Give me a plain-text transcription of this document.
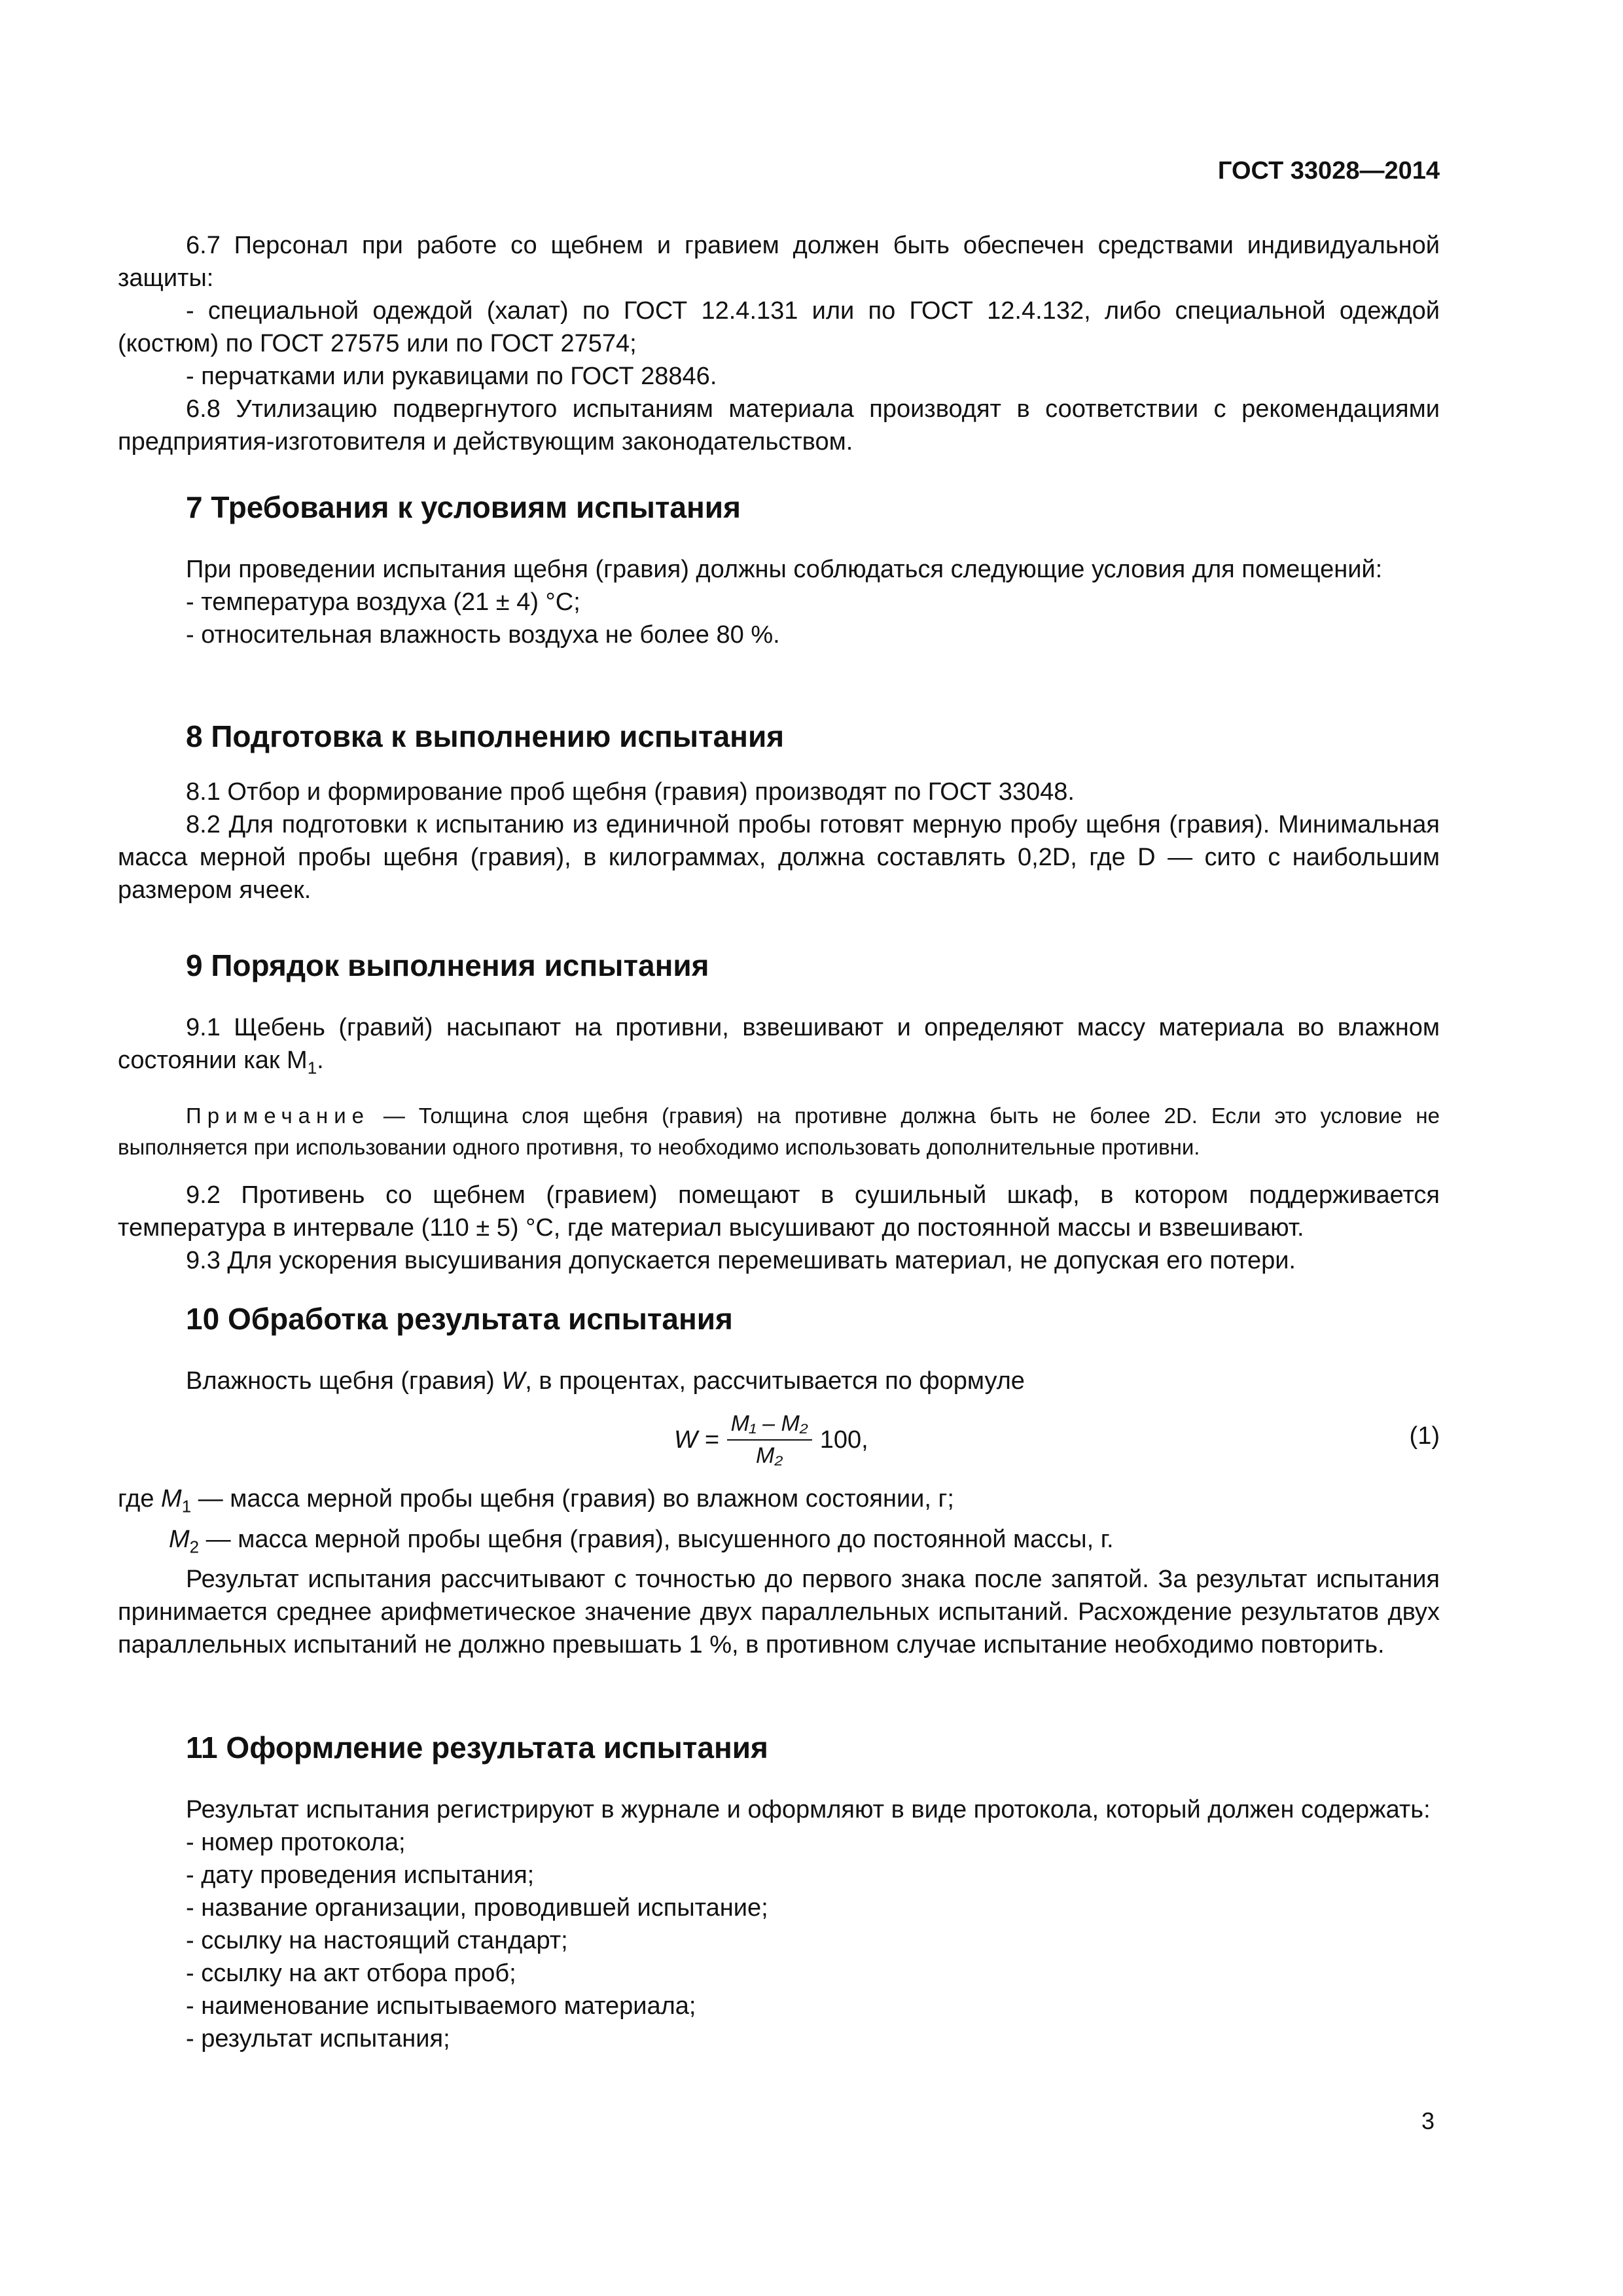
ГОСТ 33028—2014

6.7 Персонал при работе со щебнем и гравием должен быть обеспечен средствами индивидуальной защиты:

- специальной одеждой (халат) по ГОСТ 12.4.131 или по ГОСТ 12.4.132, либо специальной одеждой (костюм) по ГОСТ 27575 или по ГОСТ 27574;

- перчатками или рукавицами по ГОСТ 28846.

6.8 Утилизацию подвергнутого испытаниям материала производят в соответствии с рекомендациями предприятия-изготовителя и действующим законодательством.

7 Требования к условиям испытания

При проведении испытания щебня (гравия) должны соблюдаться следующие условия для помещений:

- температура воздуха (21 ± 4) °С;

- относительная влажность воздуха не более 80 %.

8 Подготовка к выполнению испытания

8.1 Отбор и формирование проб щебня (гравия) производят по ГОСТ 33048.

8.2 Для подготовки к испытанию из единичной пробы готовят мерную пробу щебня (гравия). Минимальная масса мерной пробы щебня (гравия), в килограммах, должна составлять 0,2D, где D — сито с наибольшим размером ячеек.

9 Порядок выполнения испытания

9.1 Щебень (гравий) насыпают на противни, взвешивают и определяют массу материала во влажном состоянии как $М_1$.

Примечание — Толщина слоя щебня (гравия) на противне должна быть не более 2D. Если это условие не выполняется при использовании одного противня, то необходимо использовать дополнительные противни.

9.2 Противень со щебнем (гравием) помещают в сушильный шкаф, в котором поддерживается температура в интервале (110 ± 5) °С, где материал высушивают до постоянной массы и взвешивают.

9.3 Для ускорения высушивания допускается перемешивать материал, не допуская его потери.

10 Обработка результата испытания

Влажность щебня (гравия) W, в процентах, рассчитывается по формуле

$W = \frac{\text{M₁ – M₂}}{\text{M₂}} 100$,	(1)

где $M_1$ — масса мерной пробы щебня (гравия) во влажном состоянии, г;

$M_2$ — масса мерной пробы щебня (гравия), высушенного до постоянной массы, г.

Результат испытания рассчитывают с точностью до первого знака после запятой. За результат испытания принимается среднее арифметическое значение двух параллельных испытаний. Расхождение результатов двух параллельных испытаний не должно превышать 1 %, в противном случае испытание необходимо повторить.

11 Оформление результата испытания

Результат испытания регистрируют в журнале и оформляют в виде протокола, который должен содержать:

- номер протокола;

- дату проведения испытания;

- название организации, проводившей испытание;

- ссылку на настоящий стандарт;

- ссылку на акт отбора проб;

- наименование испытываемого материала;

- результат испытания;

3
